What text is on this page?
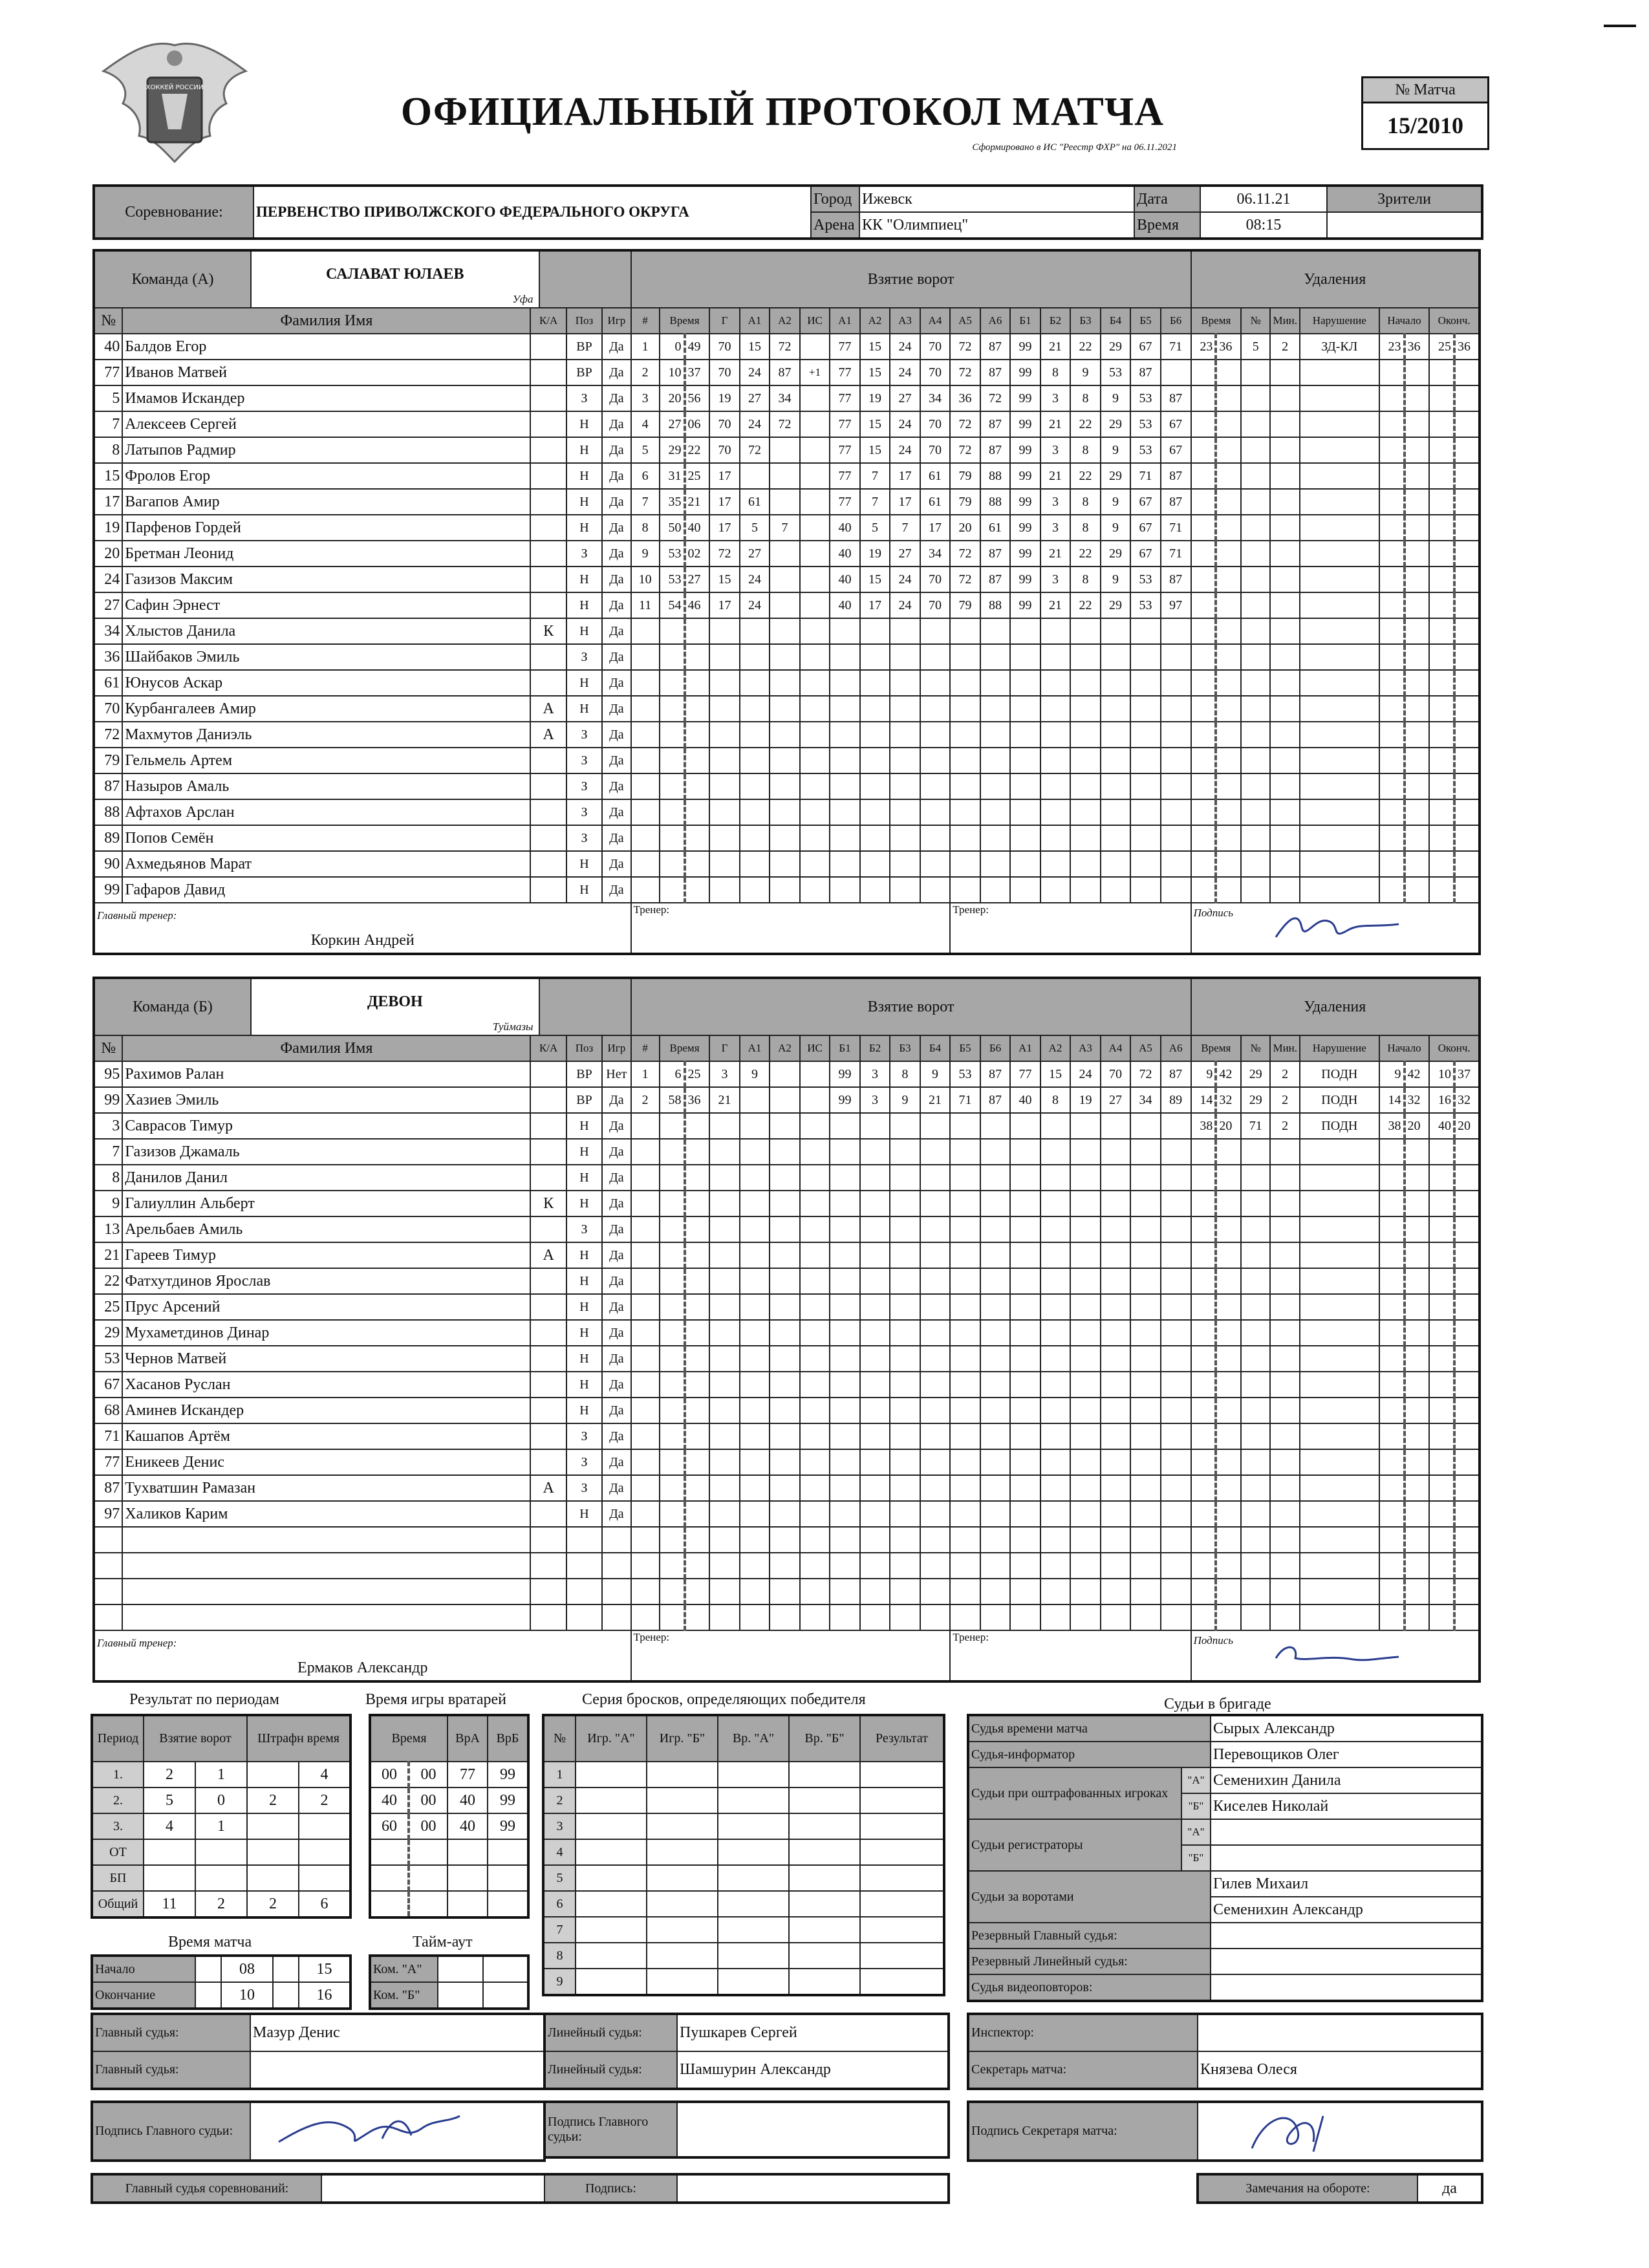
ХОККЕЙ РОССИИ
ОФИЦИАЛЬНЫЙ ПРОТОКОЛ МАТЧА
Сформировано в ИС "Реестр ФХР" на 06.11.2021
№ Матча
15/2010
Соревнование:	ПЕРВЕНСТВО ПРИВОЛЖСКОГО ФЕДЕРАЛЬНОГО ОКРУГА	Город	Ижевск	Дата	06.11.21	Зрители
		Арена	КК "Олимпиец"	Время	08:15	
Команда (А) САЛАВАТ ЮЛАЕВ
Уфа					Взятие ворот																			Удаления								
№	Фамилия Имя	К/А	Поз	Игр	#	Время		Г	А1	А2	ИС	А1	А2	А3	А4	А5	А6	Б1	Б2	Б3	Б4	Б5	Б6	Время		№	Мин.	Нарушение	Начало		Оконч.	
40	Балдов Егор		ВР	Да	1	0	49	70	15	72		77	15	24	70	72	87	99	21	22	29	67	71	23	36	5	2	ЗД-КЛ	23	36	25	36
77	Иванов Матвей		ВР	Да	2	10	37	70	24	87	+1	77	15	24	70	72	87	99	8	9	53	87										
5	Имамов Искандер		З	Да	3	20	56	19	27	34		77	19	27	34	36	72	99	3	8	9	53	87									
7	Алексеев Сергей		Н	Да	4	27	06	70	24	72		77	15	24	70	72	87	99	21	22	29	53	67									
8	Латыпов Радмир		Н	Да	5	29	22	70	72			77	15	24	70	72	87	99	3	8	9	53	67									
15	Фролов Егор		Н	Да	6	31	25	17				77	7	17	61	79	88	99	21	22	29	71	87									
17	Вагапов Амир		Н	Да	7	35	21	17	61			77	7	17	61	79	88	99	3	8	9	67	87									
19	Парфенов Гордей		Н	Да	8	50	40	17	5	7		40	5	7	17	20	61	99	3	8	9	67	71									
20	Бретман Леонид		З	Да	9	53	02	72	27			40	19	27	34	72	87	99	21	22	29	67	71									
24	Газизов Максим		Н	Да	10	53	27	15	24			40	15	24	70	72	87	99	3	8	9	53	87									
27	Сафин Эрнест		Н	Да	11	54	46	17	24			40	17	24	70	79	88	99	21	22	29	53	97									
34	Хлыстов Данила	К	Н	Да																												
36	Шайбаков Эмиль		З	Да																												
61	Юнусов Аскар		Н	Да																												
70	Курбангалеев Амир	А	Н	Да																												
72	Махмутов Даниэль	А	З	Да																												
79	Гельмель Артем		З	Да																												
87	Назыров Амаль		З	Да																												
88	Афтахов Арслан		З	Да																												
89	Попов Семён		З	Да																												
90	Ахмедьянов Марат		Н	Да																												
99	Гафаров Давид		Н	Да																												
Главный тренер:					Тренер:											Тренер:								Подпись								

Коркин Андрей																																
Команда (Б) ДЕВОН
Туймазы					Взятие ворот																			Удаления								
№	Фамилия Имя	К/А	Поз	Игр	#	Время		Г	А1	А2	ИС	Б1	Б2	Б3	Б4	Б5	Б6	А1	А2	А3	А4	А5	А6	Время		№	Мин.	Нарушение	Начало		Оконч.	
95	Рахимов Ралан		ВР	Нет	1	6	25	3	9			99	3	8	9	53	87	77	15	24	70	72	87	9	42	29	2	ПОДН	9	42	10	37
99	Хазиев Эмиль		ВР	Да	2	58	36	21				99	3	9	21	71	87	40	8	19	27	34	89	14	32	29	2	ПОДН	14	32	16	32
3	Саврасов Тимур		Н	Да																				38	20	71	2	ПОДН	38	20	40	20
7	Газизов Джамаль		Н	Да																												
8	Данилов Данил		Н	Да																												
9	Галиуллин Альберт	К	Н	Да																												
13	Арельбаев Амиль		З	Да																												
21	Гареев Тимур	А	Н	Да																												
22	Фатхутдинов Ярослав		Н	Да																												
25	Прус Арсений		Н	Да																												
29	Мухаметдинов Динар		Н	Да																												
53	Чернов Матвей		Н	Да																												
67	Хасанов Руслан		Н	Да																												
68	Аминев Искандер		Н	Да																												
71	Кашапов Артём		З	Да																												
77	Еникеев Денис		З	Да																												
87	Тухватшин Рамазан	А	З	Да																												
97	Халиков Карим		Н	Да																												

Главный тренер:					Тренер:											Тренер:								Подпись								

Ермаков Александр																																
Результат по периодам
Период	Взятие ворот		Штрафн время	
1.	2	1		4
2.	5	0	2	2
3.	4	1		
ОТ				
БП				
Общий	11	2	2	6
Время игры вратарей
Время		ВрА	ВрБ
00	00	77	99
40	00	40	99
60	00	40	99

Время матча
Начало		08		15
Окончание		10		16
Тайм-аут
Ком. "А"		
Ком. "Б"		
Серия бросков, определяющих победителя
№	Игр. "А"	Игр. "Б"	Вр. "А"	Вр. "Б"	Результат
1					
2					
3					
4					
5					
6					
7					
8					
9					
Судьи в бригаде
Судья времени матча		Сырых Александр
Судья-информатор		Перевощиков Олег
Судьи при оштрафованных игроках	"А"	Семенихин Данила
	"Б"	Киселев Николай
Судьи регистраторы	"А"	
	"Б"	
Судьи за воротами		Гилев Михаил
		Семенихин Александр
Резервный Главный судья:		
Резервный Линейный судья:		
Судья видеоповторов:		
Главный судья:	Мазур Денис
Главный судья:	
Линейный судья:	Пушкарев Сергей
Линейный судья:	Шамшурин Александр
Инспектор:	
Секретарь матча:	Князева Олеся
Подпись Главного судьи:	
Подпись Главного судьи:		Подпись Секретаря матча:	
Главный судья соревнований:		Подпись:		Замечания на обороте:	да
